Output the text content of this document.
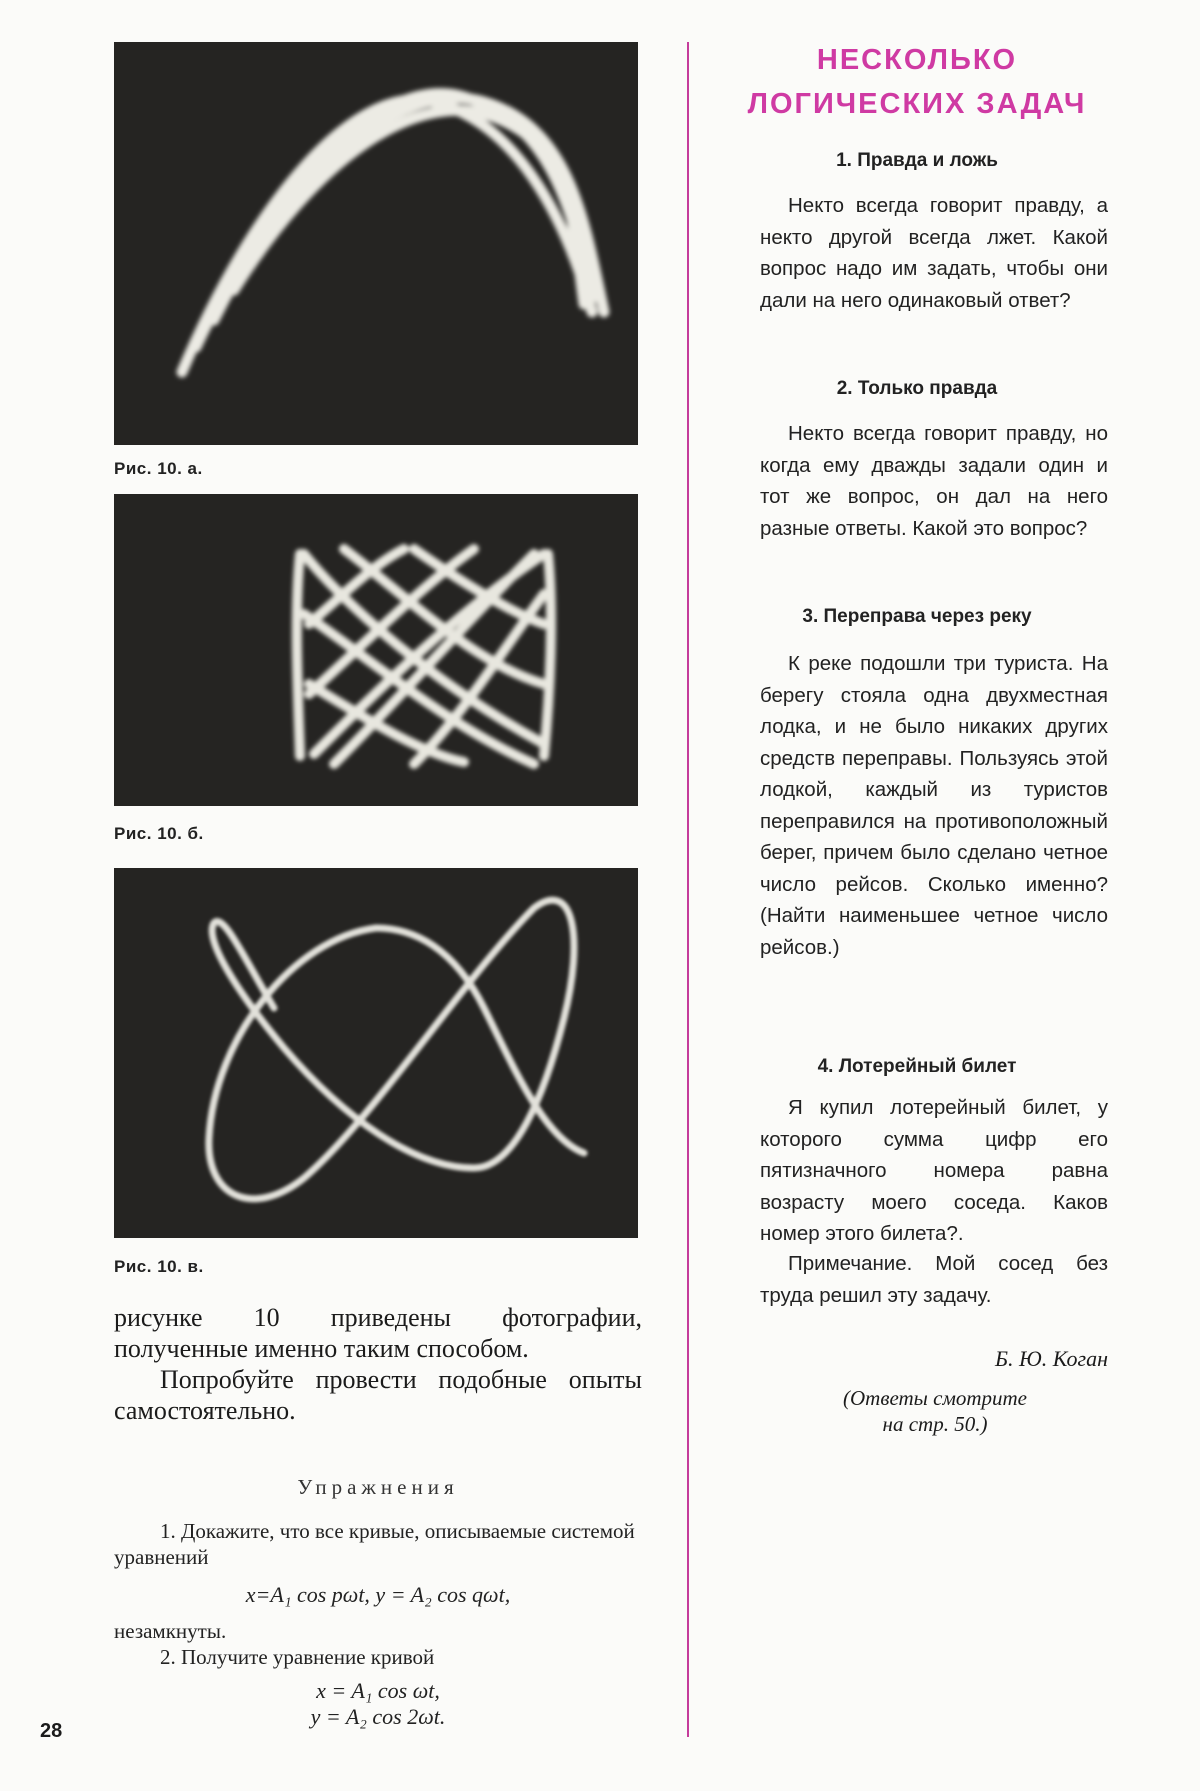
Рис. 10. а.
Рис. 10. б.
Рис. 10. в.

рисунке 10 приведены фотографии, полученные именно таким способом.

Попробуйте провести подобные опыты самостоятельно.

Упражнения

1. Докажите, что все кривые, описываемые системой уравнений

x=A₁ cos pωt, y = A₂ cos qωt,

незамкнуты.

2. Получите уравнение кривой

x = A₁ cos ωt,

y = A₂ cos 2ωt.

28
НЕСКОЛЬКО
ЛОГИЧЕСКИХ ЗАДАЧ
1. Правда и ложь

Некто всегда говорит правду, а некто другой всегда лжет. Какой вопрос надо им задать, чтобы они дали на него одинаковый ответ?

2. Только правда

Некто всегда говорит правду, но когда ему дважды задали один и тот же вопрос, он дал на него разные ответы. Какой это вопрос?

3. Переправа через реку

К реке подошли три туриста. На берегу стояла одна двухместная лодка, и не было никаких других средств переправы. Пользуясь этой лодкой, каждый из туристов переправился на противоположный берег, причем было сделано четное число рейсов. Сколько именно? (Найти наименьшее четное число рейсов.)

4. Лотерейный билет

Я купил лотерейный билет, у которого сумма цифр его пятизначного номера равна возрасту моего соседа. Каков номер этого билета?.

Примечание. Мой сосед без труда решил эту задачу.

Б. Ю. Коган
(Ответы смотрите
на стр. 50.)
